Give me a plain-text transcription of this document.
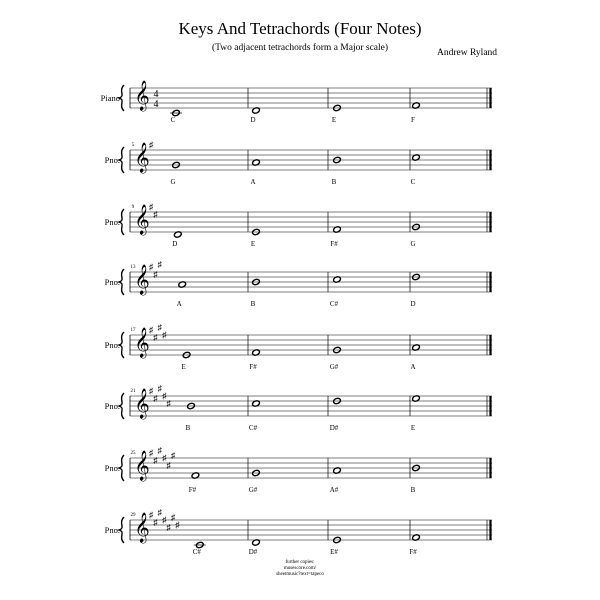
Keys And Tetrachords (Four Notes)
(Two adjacent tetrachords form a Major scale)	Andrew Ryland
Piano 𝄞 4
4
C	D	E	F
Pno.
5 𝄞 ♯
G	A	B	C
Pno.
9 𝄞 ♯
♯
D	E	F#	G
Pno.
13
𝄞 ♯
♯
♯
A	B	C#	D
Pno.
17
𝄞 ♯
♯
♯
♯
E	F#	G#	A
Pno.
21
𝄞 ♯
♯
♯
♯
♯
B	C#	D#	E
Pno.
25
𝄞 ♯
♯
♯
♯
♯
♯
F#	G#	A#	B
Pno.
29
𝄞 ♯
♯
♯
♯
♯
♯
♯
C#	D#	E#	F#
further copies:
musescore.com/
sheetmusic?text=tapeco
